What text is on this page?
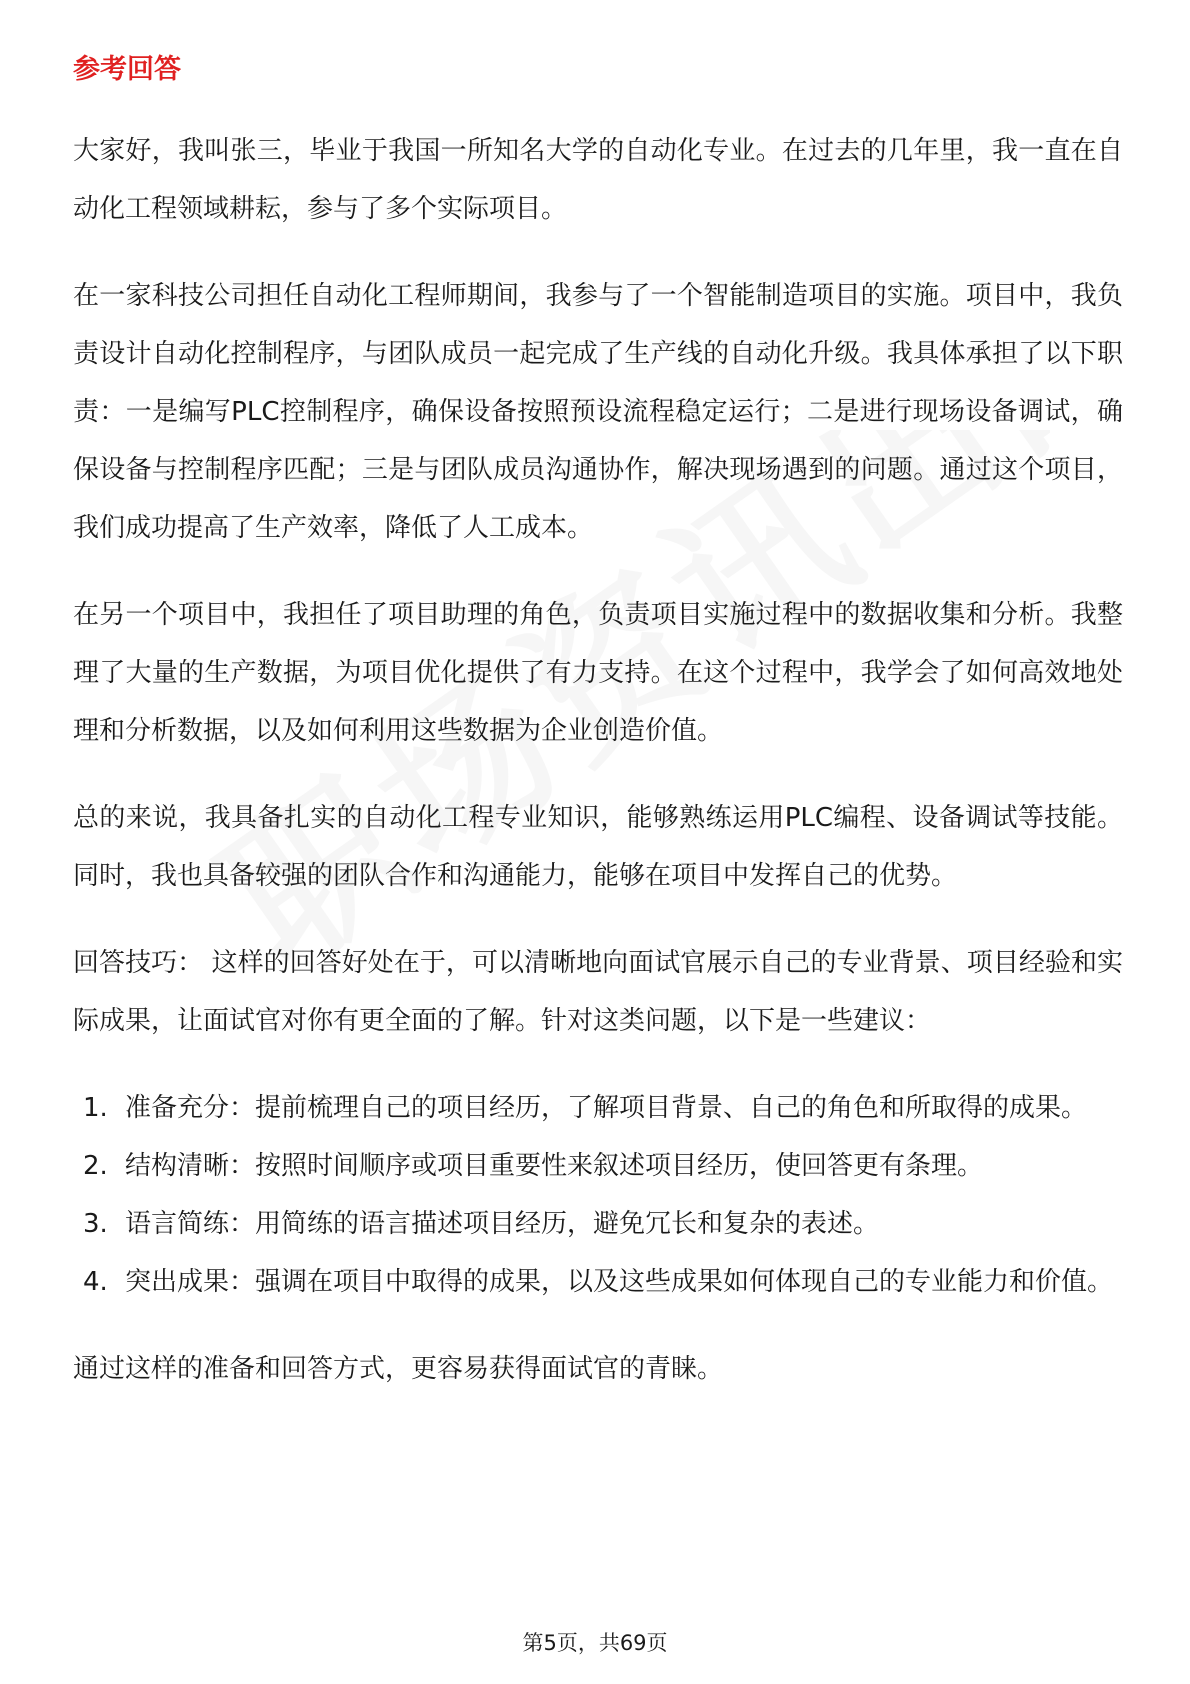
参考回答

大家好，我叫张三，毕业于我国一所知名大学的自动化专业。在过去的几年里，我一直在自动化工程领域耕耘，参与了多个实际项目。

在一家科技公司担任自动化工程师期间，我参与了一个智能制造项目的实施。项目中，我负责设计自动化控制程序，与团队成员一起完成了生产线的自动化升级。我具体承担了以下职责：一是编写PLC控制程序，确保设备按照预设流程稳定运行；二是进行现场设备调试，确保设备与控制程序匹配；三是与团队成员沟通协作，解决现场遇到的问题。通过这个项目，我们成功提高了生产效率，降低了人工成本。

在另一个项目中，我担任了项目助理的角色，负责项目实施过程中的数据收集和分析。我整理了大量的生产数据，为项目优化提供了有力支持。在这个过程中，我学会了如何高效地处理和分析数据，以及如何利用这些数据为企业创造价值。

总的来说，我具备扎实的自动化工程专业知识，能够熟练运用PLC编程、设备调试等技能。同时，我也具备较强的团队合作和沟通能力，能够在项目中发挥自己的优势。

回答技巧： 这样的回答好处在于，可以清晰地向面试官展示自己的专业背景、项目经验和实际成果，让面试官对你有更全面的了解。针对这类问题，以下是一些建议：

1. 准备充分：提前梳理自己的项目经历，了解项目背景、自己的角色和所取得的成果。
2. 结构清晰：按照时间顺序或项目重要性来叙述项目经历，使回答更有条理。
3. 语言简练：用简练的语言描述项目经历，避免冗长和复杂的表述。
4. 突出成果：强调在项目中取得的成果，以及这些成果如何体现自己的专业能力和价值。

通过这样的准备和回答方式，更容易获得面试官的青睐。

第5页，共69页
